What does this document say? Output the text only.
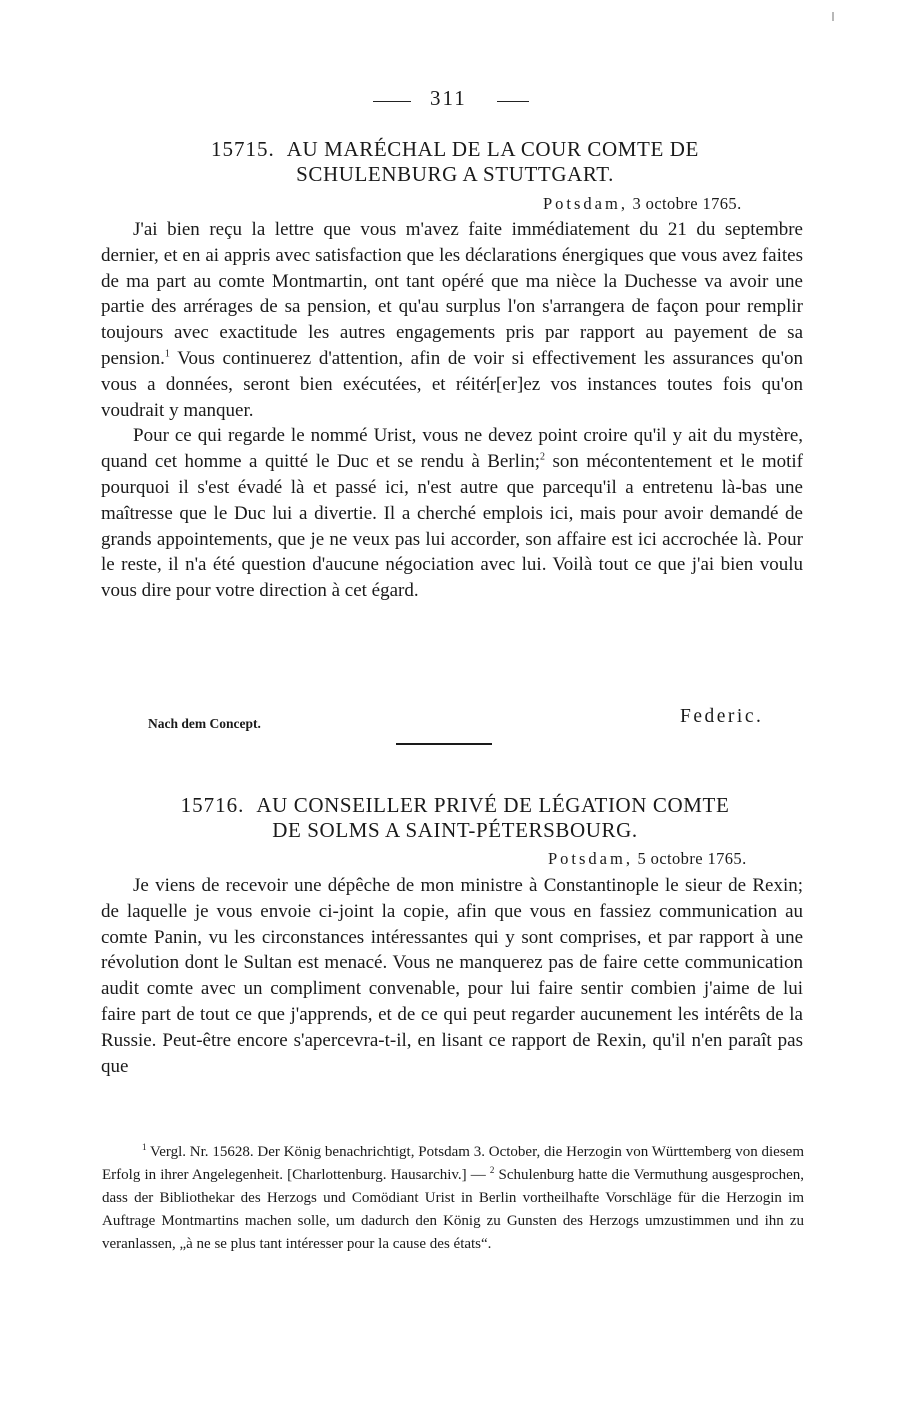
311
15715. AU MARÉCHAL DE LA COUR COMTE DE
SCHULENBURG A STUTTGART.
Potsdam, 3 octobre 1765.

J'ai bien reçu la lettre que vous m'avez faite immédiatement du 21 du septembre dernier, et en ai appris avec satisfaction que les déclarations énergiques que vous avez faites de ma part au comte Montmartin, ont tant opéré que ma nièce la Duchesse va avoir une partie des arrérages de sa pension, et qu'au surplus l'on s'arrangera de façon pour remplir toujours avec exactitude les autres engagements pris par rapport au payement de sa pension.$^1$ Vous continuerez d'attention, afin de voir si effectivement les assurances qu'on vous a données, seront bien exécutées, et réitér[er]ez vos instances toutes fois qu'on voudrait y manquer.

Pour ce qui regarde le nommé Urist, vous ne devez point croire qu'il y ait du mystère, quand cet homme a quitté le Duc et se rendu à Berlin;$^2$ son mécontentement et le motif pourquoi il s'est évadé là et passé ici, n'est autre que parcequ'il a entretenu là-bas une maîtresse que le Duc lui a divertie. Il a cherché emplois ici, mais pour avoir demandé de grands appointements, que je ne veux pas lui accorder, son affaire est ici accrochée là. Pour le reste, il n'a été question d'aucune négociation avec lui. Voilà tout ce que j'ai bien voulu vous dire pour votre direction à cet égard.

Nach dem Concept.	Federic.
15716. AU CONSEILLER PRIVÉ DE LÉGATION COMTE
DE SOLMS A SAINT-PÉTERSBOURG.
Potsdam, 5 octobre 1765.

Je viens de recevoir une dépêche de mon ministre à Constantinople le sieur de Rexin; de laquelle je vous envoie ci-joint la copie, afin que vous en fassiez communication au comte Panin, vu les circonstances intéressantes qui y sont comprises, et par rapport à une révolution dont le Sultan est menacé. Vous ne manquerez pas de faire cette communication audit comte avec un compliment convenable, pour lui faire sentir combien j'aime de lui faire part de tout ce que j'apprends, et de ce qui peut regarder aucunement les intérêts de la Russie. Peut-être encore s'apercevra-t-il, en lisant ce rapport de Rexin, qu'il n'en paraît pas que

$^1$ Vergl. Nr. 15628. Der König benachrichtigt, Potsdam 3. October, die Herzogin von Württemberg von diesem Erfolg in ihrer Angelegenheit. [Charlottenburg. Hausarchiv.] — $^2$ Schulenburg hatte die Vermuthung ausgesprochen, dass der Bibliothekar des Herzogs und Comödiant Urist in Berlin vortheilhafte Vorschläge für die Herzogin im Auftrage Montmartins machen solle, um dadurch den König zu Gunsten des Herzogs umzustimmen und ihn zu veranlassen, „à ne se plus tant intéresser pour la cause des états“.
